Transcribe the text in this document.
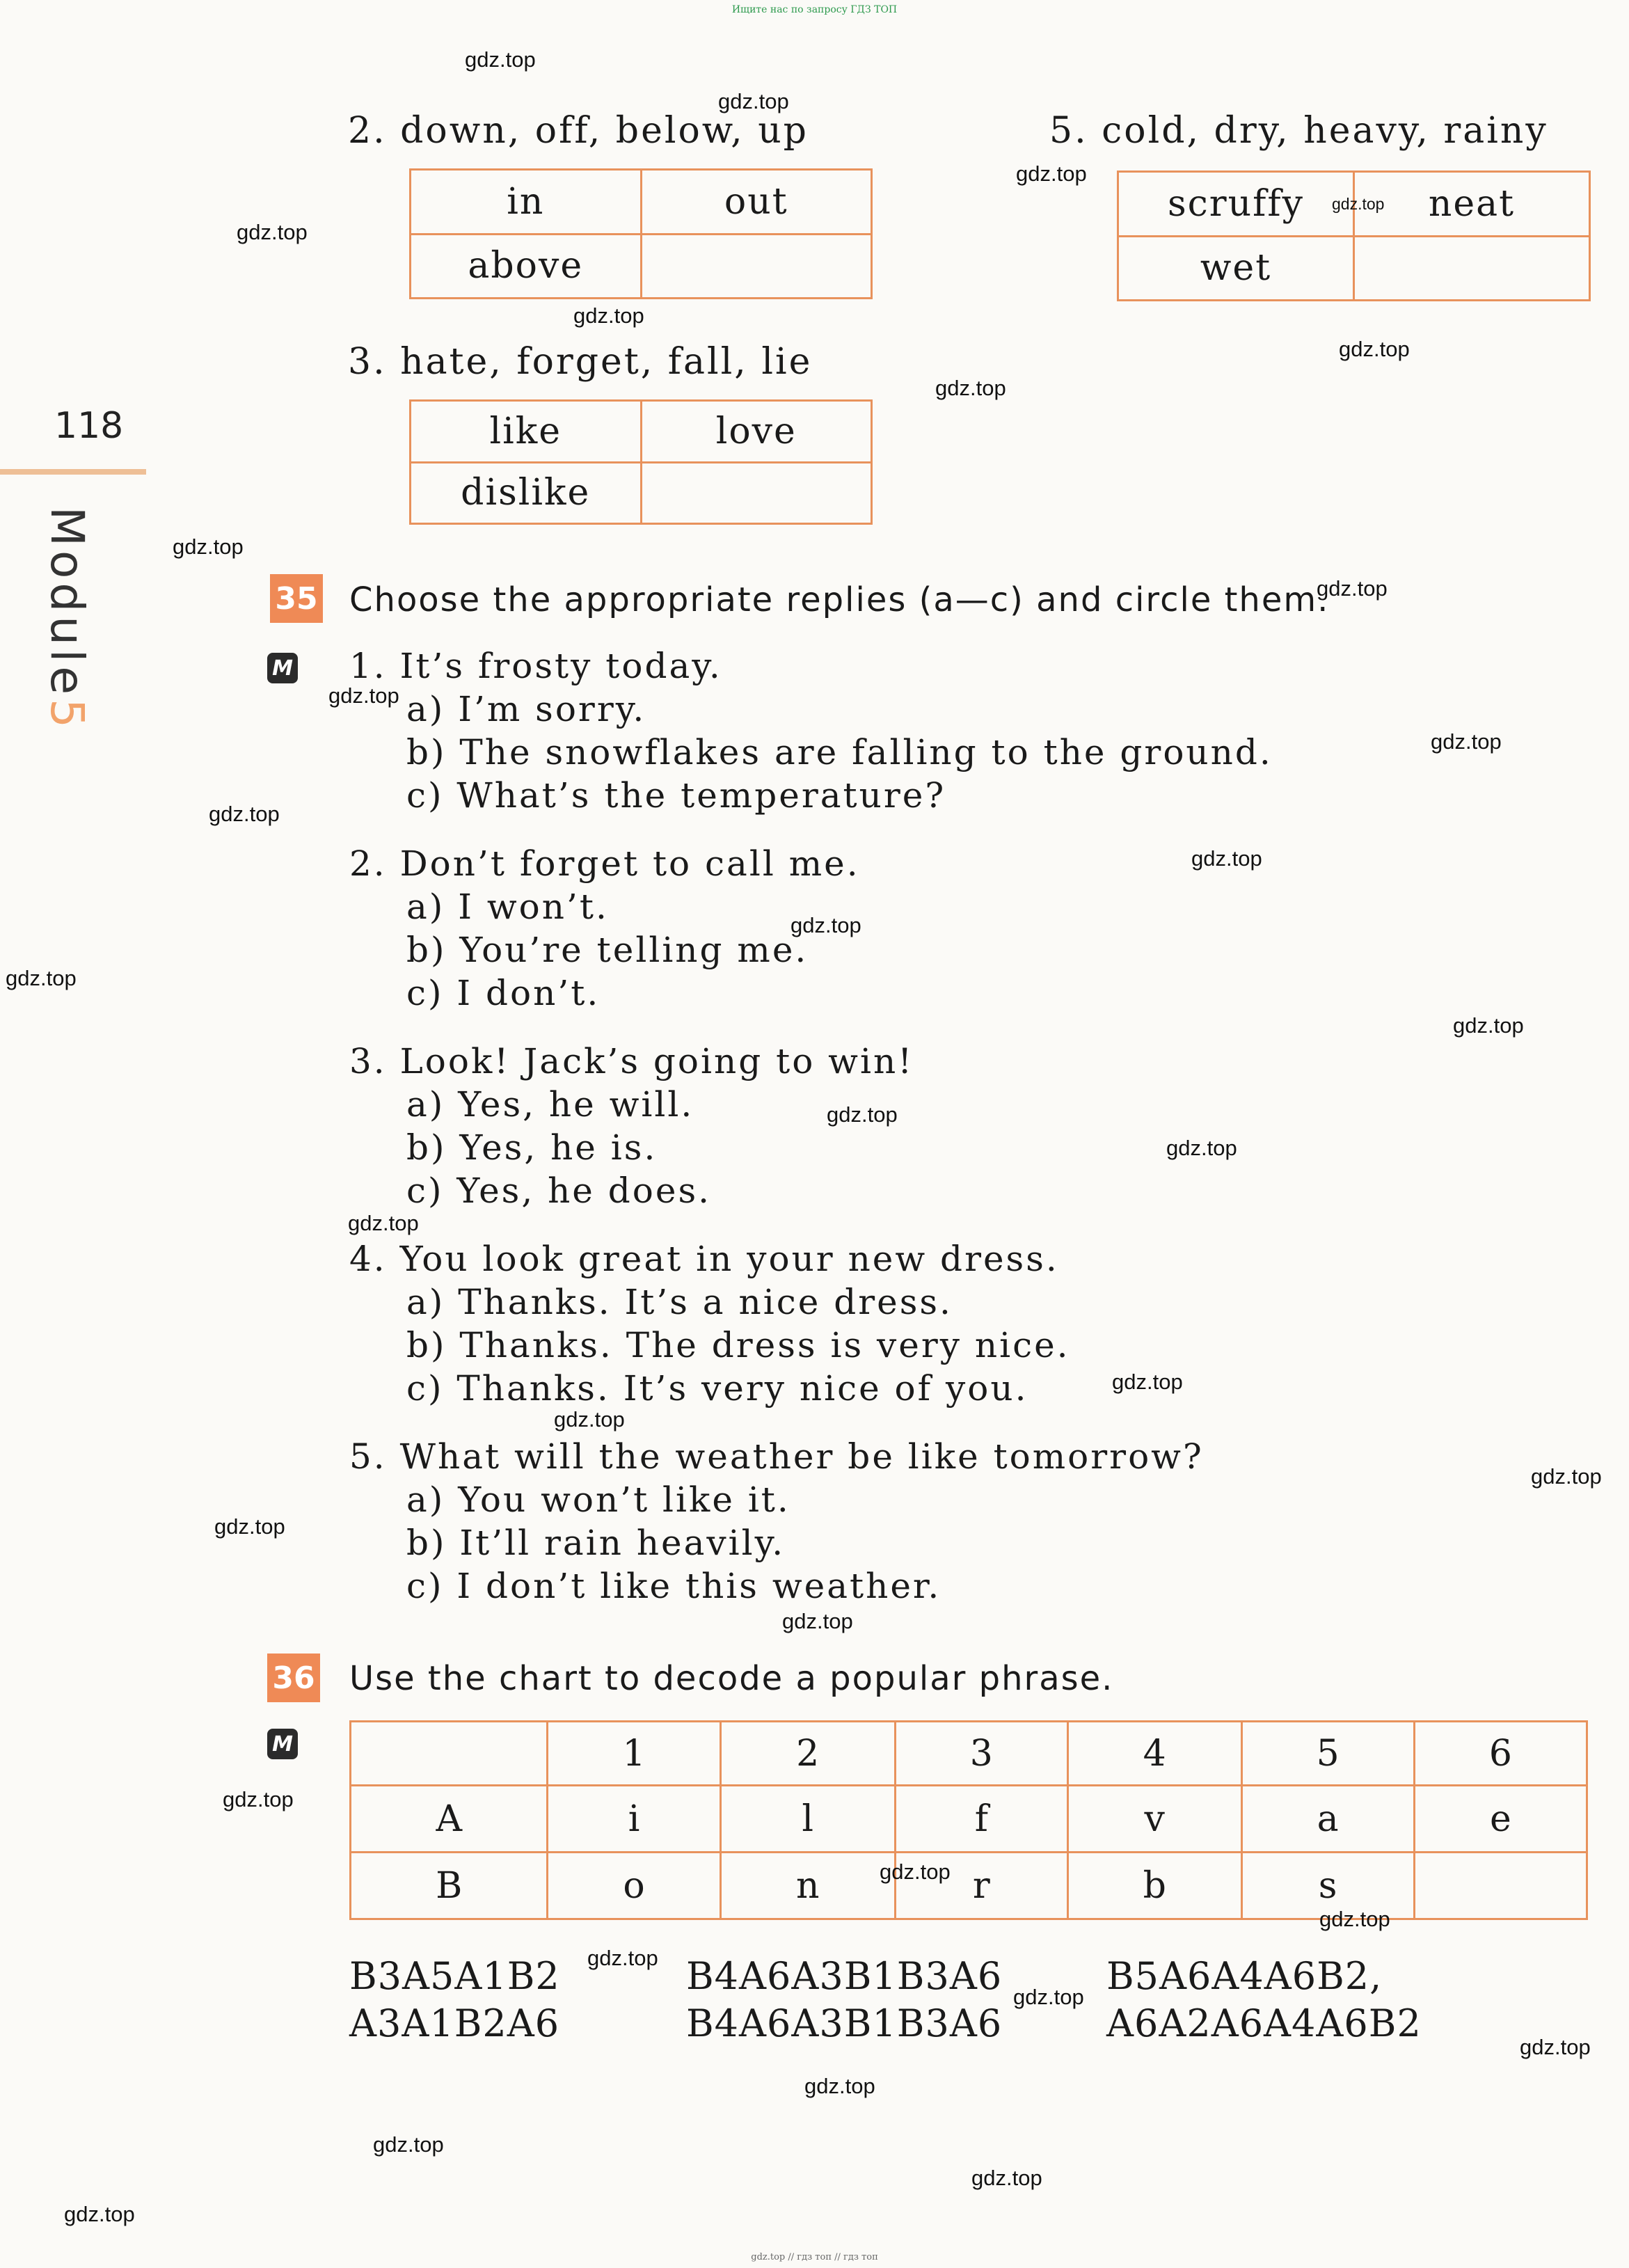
Ищите нас по запросу ГДЗ ТОП
118
Module5
2. down, off, below, up
in	out
above	
5. cold, dry, heavy, rainy
scruffy	neat
wet	
3. hate, forget, fall, lie
like	love
dislike	
35 Choose the appropriate replies (a—c) and circle them.
M 1. It’s frosty today.
a) I’m sorry.
b) The snowflakes are falling to the ground.
c) What’s the temperature?
2. Don’t forget to call me.
a) I won’t.
b) You’re telling me.
c) I don’t.
3. Look! Jack’s going to win!
a) Yes, he will.
b) Yes, he is.
c) Yes, he does.
4. You look great in your new dress.
a) Thanks. It’s a nice dress.
b) Thanks. The dress is very nice.
c) Thanks. It’s very nice of you.
5. What will the weather be like tomorrow?
a) You won’t like it.
b) It’ll rain heavily.
c) I don’t like this weather.
36 Use the chart to decode a popular phrase.
M
		1	2	3	4	5	6
A	i	l	f	v	a	e
B	o	n	r	b	s	
B3A5A1B2
A3A1B2A6
B4A6A3B1B3A6
B4A6A3B1B3A6
B5A6A4A6B2,
A6A2A6A4A6B2
gdz.top
gdz.top
gdz.top
gdz.top
gdz.top
gdz.top
gdz.top
gdz.top
gdz.top
gdz.top
gdz.top
gdz.top
gdz.top
gdz.top
gdz.top
gdz.top
gdz.top
gdz.top
gdz.top
gdz.top
gdz.top
gdz.top
gdz.top
gdz.top
gdz.top
gdz.top
gdz.top
gdz.top
gdz.top
gdz.top
gdz.top
gdz.top
gdz.top
gdz.top
gdz.top
gdz.top // гдз топ // гдз топ
